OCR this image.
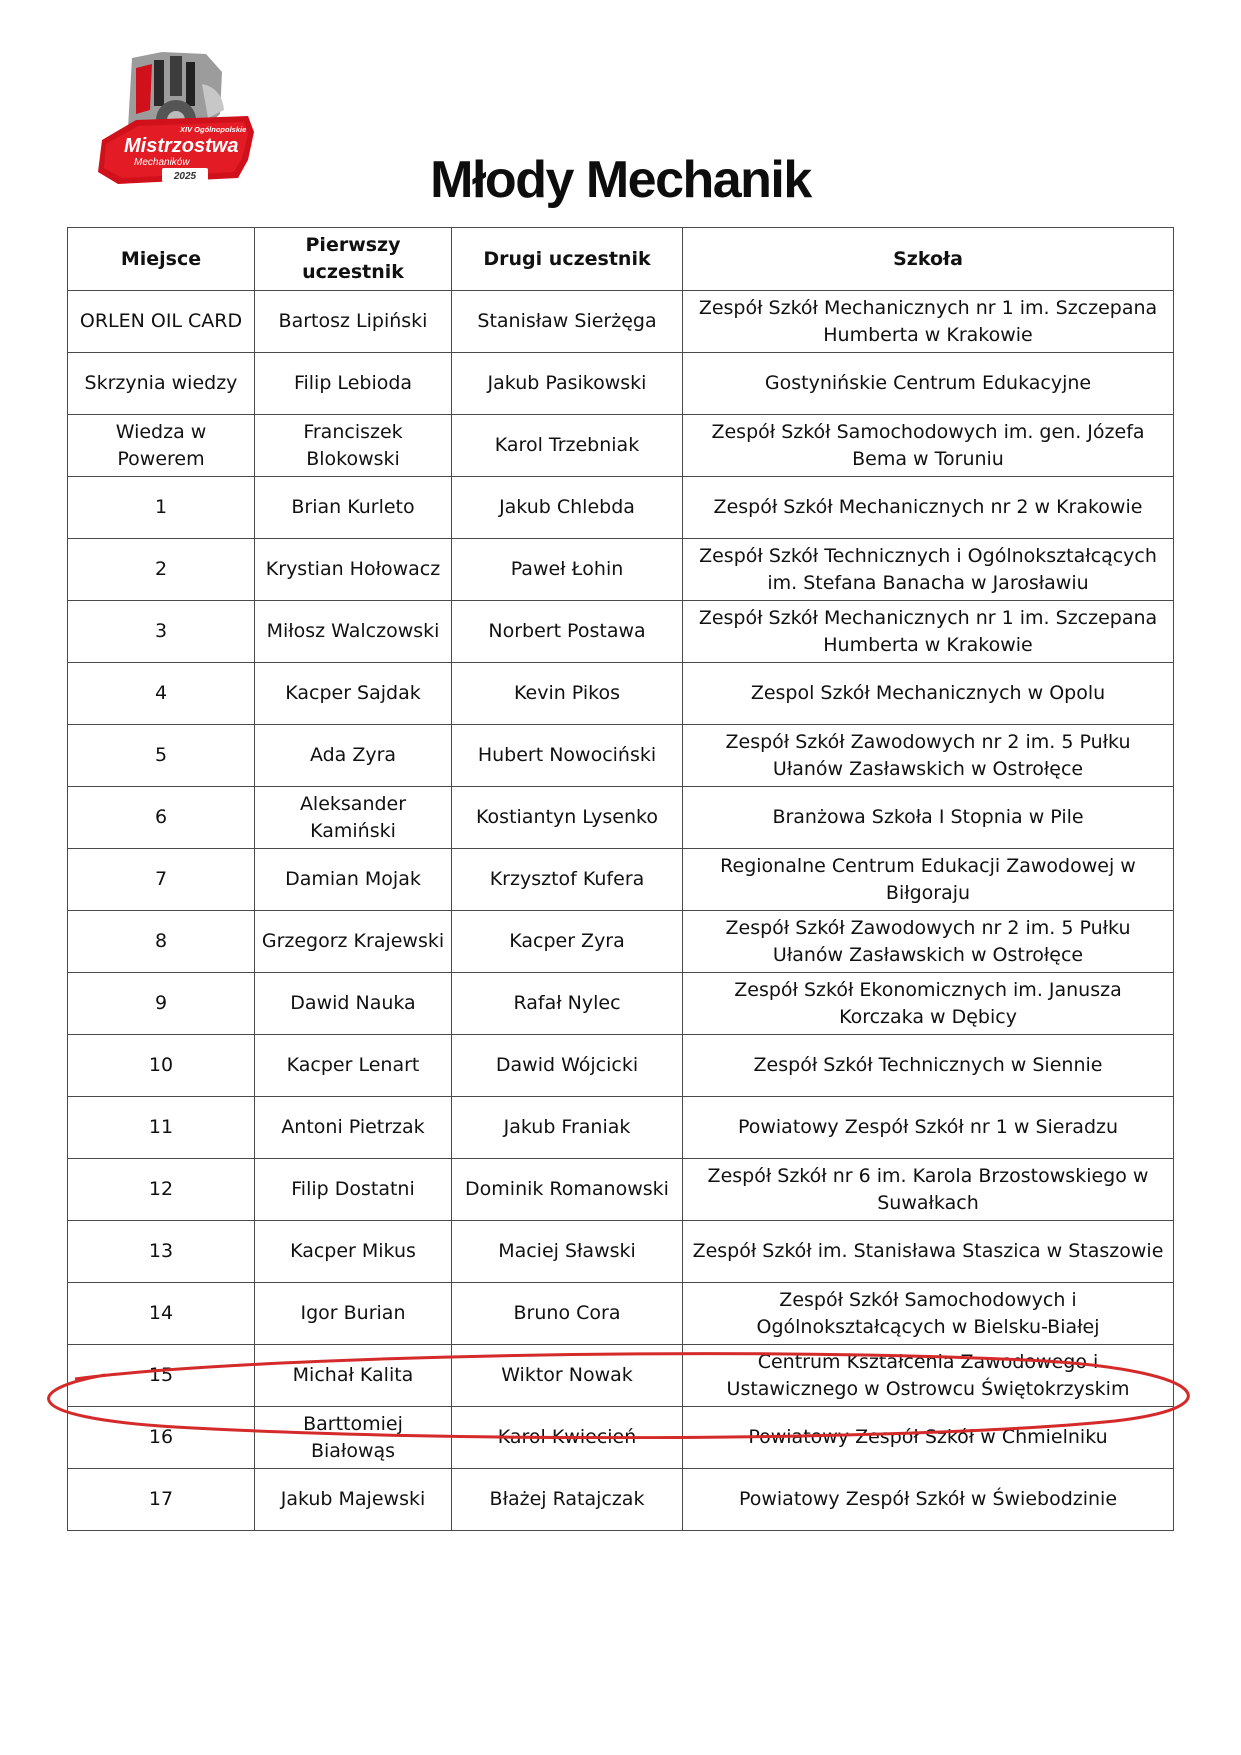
XIV Ogólnopolskie
Mistrzostwa
Mechaników
2025	Młody Mechanik
Miejsce	Pierwszy uczestnik	Drugi uczestnik	Szkoła
ORLEN OIL CARD	Bartosz Lipiński	Stanisław Sierżęga	Zespół Szkół Mechanicznych nr 1 im. Szczepana Humberta w Krakowie
Skrzynia wiedzy	Filip Lebioda	Jakub Pasikowski	Gostynińskie Centrum Edukacyjne
Wiedza w Powerem	Franciszek Blokowski	Karol Trzebniak	Zespół Szkół Samochodowych im. gen. Józefa Bema w Toruniu
1	Brian Kurleto	Jakub Chlebda	Zespół Szkół Mechanicznych nr 2 w Krakowie
2	Krystian Hołowacz	Paweł Łohin	Zespół Szkół Technicznych i Ogólnokształcących im. Stefana Banacha w Jarosławiu
3	Miłosz Walczowski	Norbert Postawa	Zespół Szkół Mechanicznych nr 1 im. Szczepana Humberta w Krakowie
4	Kacper Sajdak	Kevin Pikos	Zespol Szkół Mechanicznych w Opolu
5	Ada Zyra	Hubert Nowociński	Zespół Szkół Zawodowych nr 2 im. 5 Pułku Ułanów Zasławskich w Ostrołęce
6	Aleksander Kamiński	Kostiantyn Lysenko	Branżowa Szkoła I Stopnia w Pile
7	Damian Mojak	Krzysztof Kufera	Regionalne Centrum Edukacji Zawodowej w Biłgoraju
8	Grzegorz Krajewski	Kacper Zyra	Zespół Szkół Zawodowych nr 2 im. 5 Pułku Ułanów Zasławskich w Ostrołęce
9	Dawid Nauka	Rafał Nylec	Zespół Szkół Ekonomicznych im. Janusza Korczaka w Dębicy
10	Kacper Lenart	Dawid Wójcicki	Zespół Szkół Technicznych w Siennie
11	Antoni Pietrzak	Jakub Franiak	Powiatowy Zespół Szkół nr 1 w Sieradzu
12	Filip Dostatni	Dominik Romanowski	Zespół Szkół nr 6 im. Karola Brzostowskiego w Suwałkach
13	Kacper Mikus	Maciej Sławski	Zespół Szkół im. Stanisława Staszica w Staszowie
14	Igor Burian	Bruno Cora	Zespół Szkół Samochodowych i Ogólnokształcących w Bielsku-Białej
15	Michał Kalita	Wiktor Nowak	Centrum Kształcenia Zawodowego i Ustawicznego w Ostrowcu Świętokrzyskim
16	Barttomiej Białowąs	Karol Kwiecień	Powiatowy Zespół Szkół w Chmielniku
17	Jakub Majewski	Błażej Ratajczak	Powiatowy Zespół Szkół w Świebodzinie
